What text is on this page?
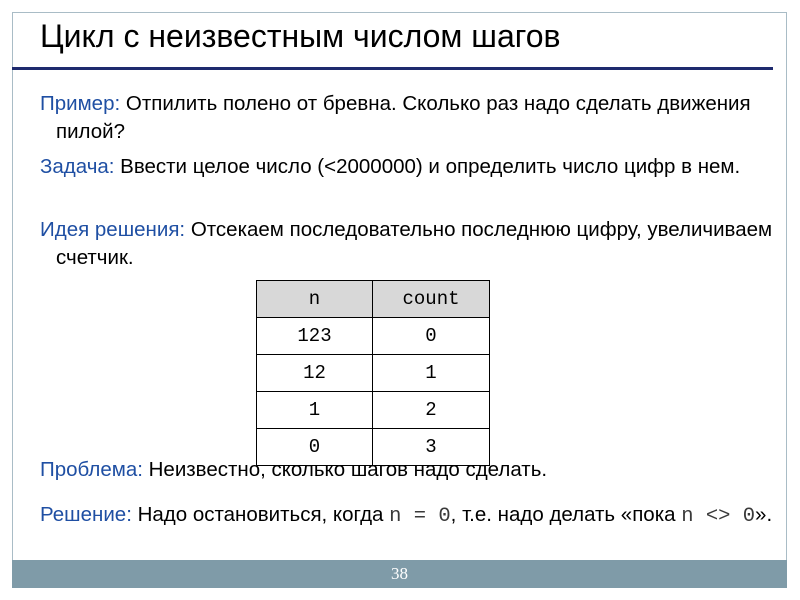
Цикл с неизвестным числом шагов

Пример: Отпилить полено от бревна. Сколько раз надо сделать движения пилой?

Задача: Ввести целое число (<2000000) и определить число цифр в нем.

Идея решения: Отсекаем последовательно последнюю цифру, увеличиваем счетчик.

n	count
123	0
12	1
1	2
0	3

Проблема: Неизвестно, сколько шагов надо сделать.

Решение: Надо остановиться, когда n = 0, т.е. надо делать «пока n <> 0».

38
